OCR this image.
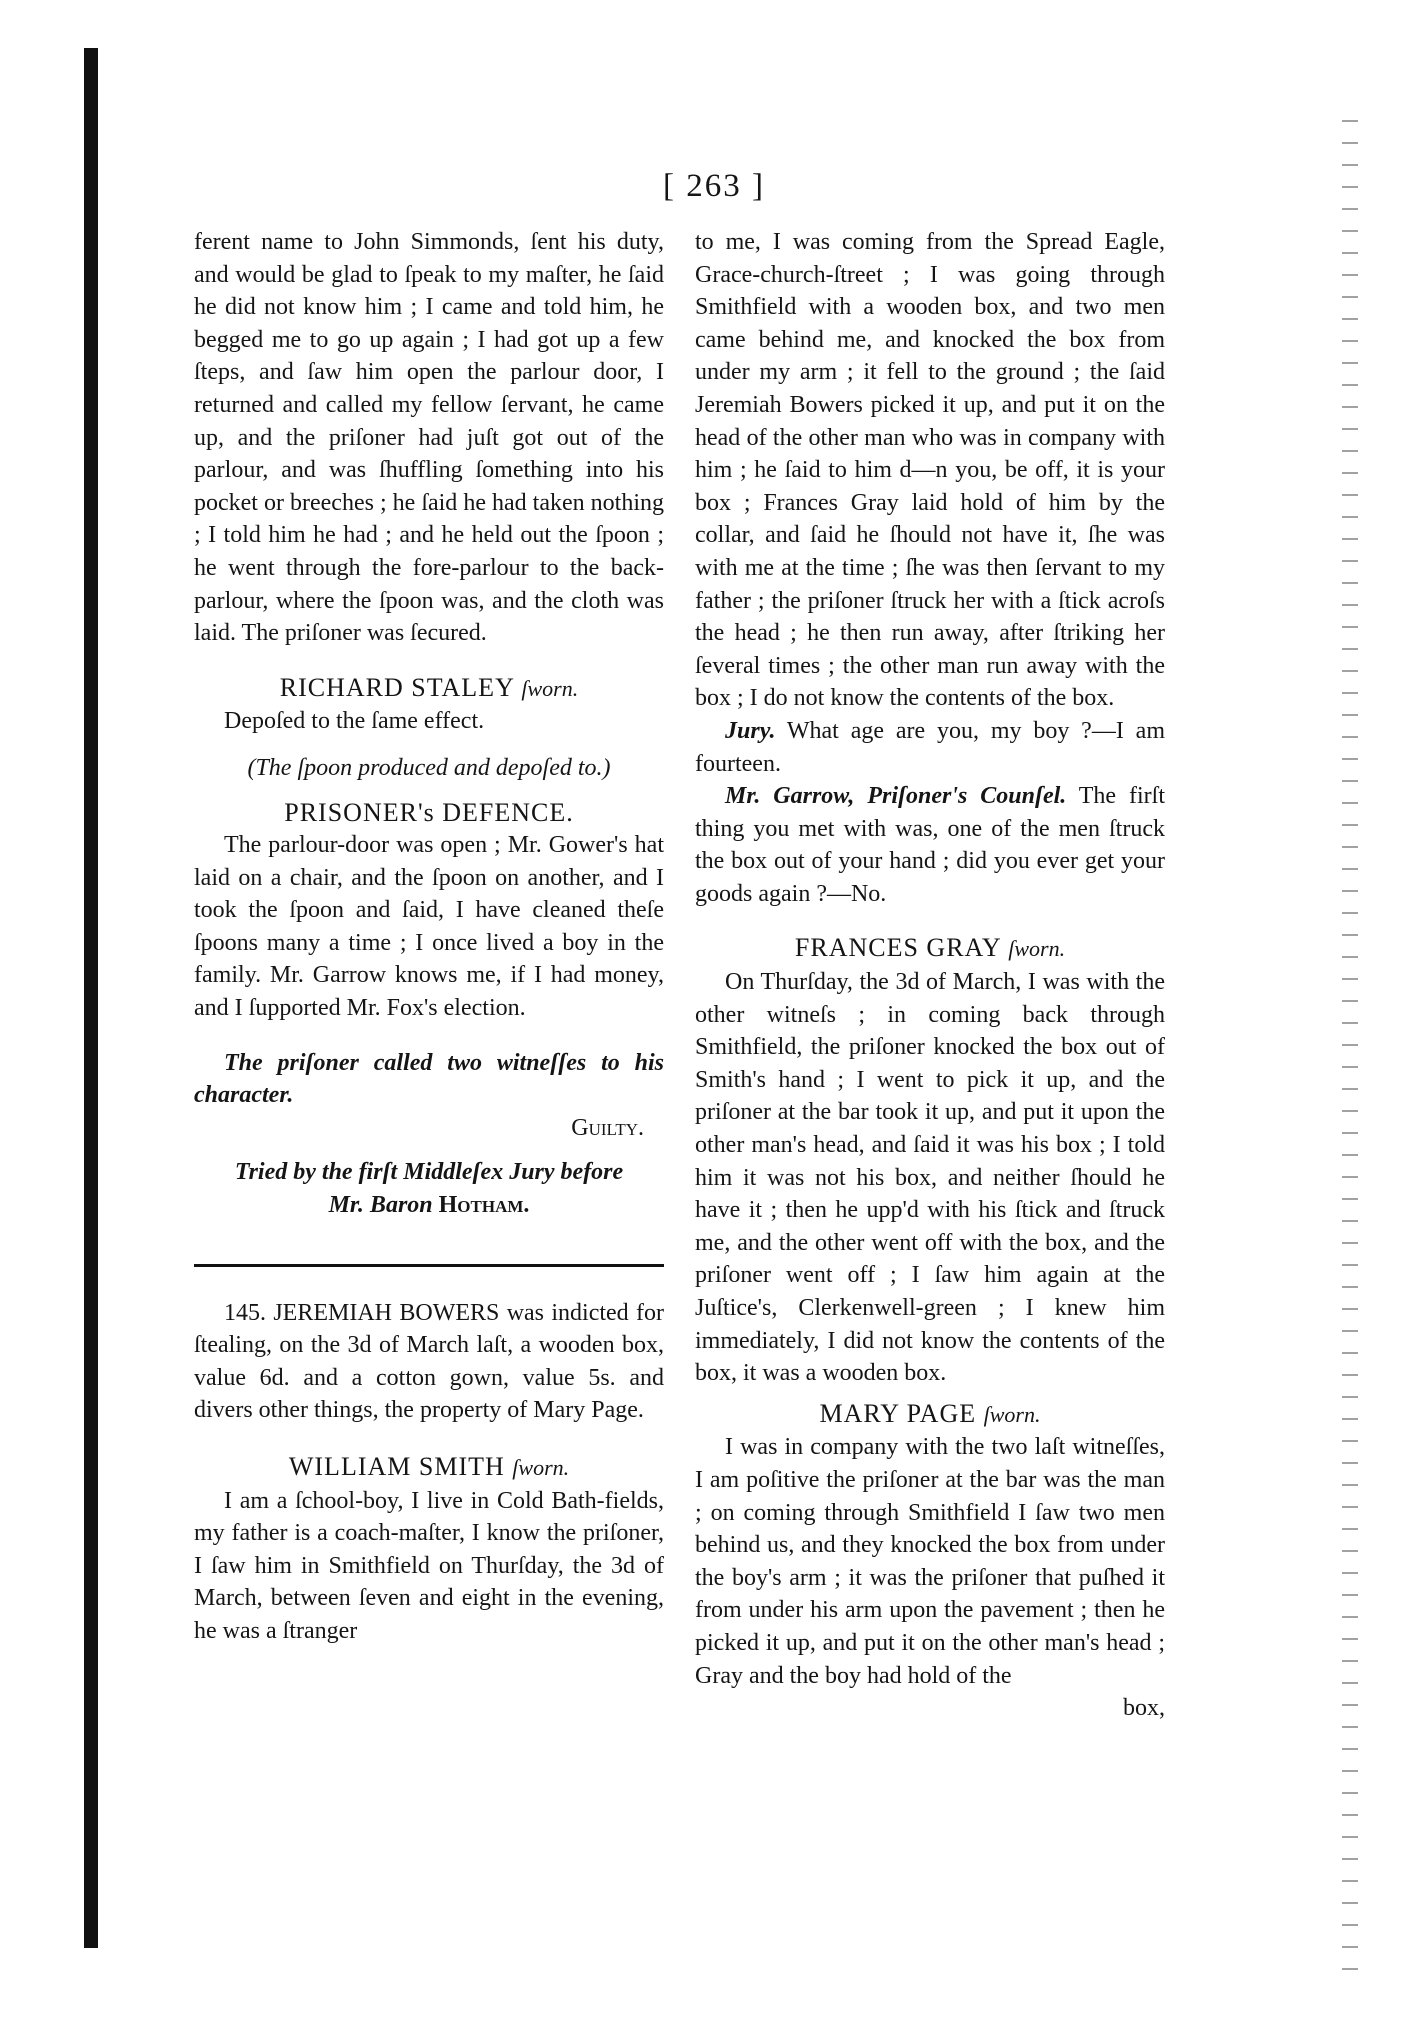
[ 263 ]

ferent name to John Simmonds, ſent his duty, and would be glad to ſpeak to my maſter, he ſaid he did not know him ; I came and told him, he begged me to go up again ; I had got up a few ſteps, and ſaw him open the parlour door, I returned and called my fellow ſervant, he came up, and the priſoner had juſt got out of the parlour, and was ſhuffling ſomething into his pocket or breeches ; he ſaid he had taken nothing ; I told him he had ; and he held out the ſpoon ; he went through the fore-parlour to the back-parlour, where the ſpoon was, and the cloth was laid. The priſoner was ſecured.

RICHARD STALEY ſworn.

Depoſed to the ſame effect.

(The ſpoon produced and depoſed to.)

PRISONER's DEFENCE.

The parlour-door was open ; Mr. Gower's hat laid on a chair, and the ſpoon on another, and I took the ſpoon and ſaid, I have cleaned theſe ſpoons many a time ; I once lived a boy in the family. Mr. Garrow knows me, if I had money, and I ſupported Mr. Fox's election.

The priſoner called two witneſſes to his character.

Guilty.

Tried by the firſt Middleſex Jury before

Mr. Baron Hotham.

145. JEREMIAH BOWERS was indicted for ſtealing, on the 3d of March laſt, a wooden box, value 6d. and a cotton gown, value 5s. and divers other things, the property of Mary Page.

WILLIAM SMITH ſworn.

I am a ſchool-boy, I live in Cold Bath-fields, my father is a coach-maſter, I know the priſoner, I ſaw him in Smithfield on Thurſday, the 3d of March, between ſeven and eight in the evening, he was a ſtranger

to me, I was coming from the Spread Eagle, Grace-church-ſtreet ; I was going through Smithfield with a wooden box, and two men came behind me, and knocked the box from under my arm ; it fell to the ground ; the ſaid Jeremiah Bowers picked it up, and put it on the head of the other man who was in company with him ; he ſaid to him d—n you, be off, it is your box ; Frances Gray laid hold of him by the collar, and ſaid he ſhould not have it, ſhe was with me at the time ; ſhe was then ſervant to my father ; the priſoner ſtruck her with a ſtick acroſs the head ; he then run away, after ſtriking her ſeveral times ; the other man run away with the box ; I do not know the contents of the box.

Jury. What age are you, my boy ?—I am fourteen.

Mr. Garrow, Priſoner's Counſel. The firſt thing you met with was, one of the men ſtruck the box out of your hand ; did you ever get your goods again ?—No.

FRANCES GRAY ſworn.

On Thurſday, the 3d of March, I was with the other witneſs ; in coming back through Smithfield, the priſoner knocked the box out of Smith's hand ; I went to pick it up, and the priſoner at the bar took it up, and put it upon the other man's head, and ſaid it was his box ; I told him it was not his box, and neither ſhould he have it ; then he upp'd with his ſtick and ſtruck me, and the other went off with the box, and the priſoner went off ; I ſaw him again at the Juſtice's, Clerkenwell-green ; I knew him immediately, I did not know the contents of the box, it was a wooden box.

MARY PAGE ſworn.

I was in company with the two laſt witneſſes, I am poſitive the priſoner at the bar was the man ; on coming through Smithfield I ſaw two men behind us, and they knocked the box from under the boy's arm ; it was the priſoner that puſhed it from under his arm upon the pavement ; then he picked it up, and put it on the other man's head ; Gray and the boy had hold of the

box,
